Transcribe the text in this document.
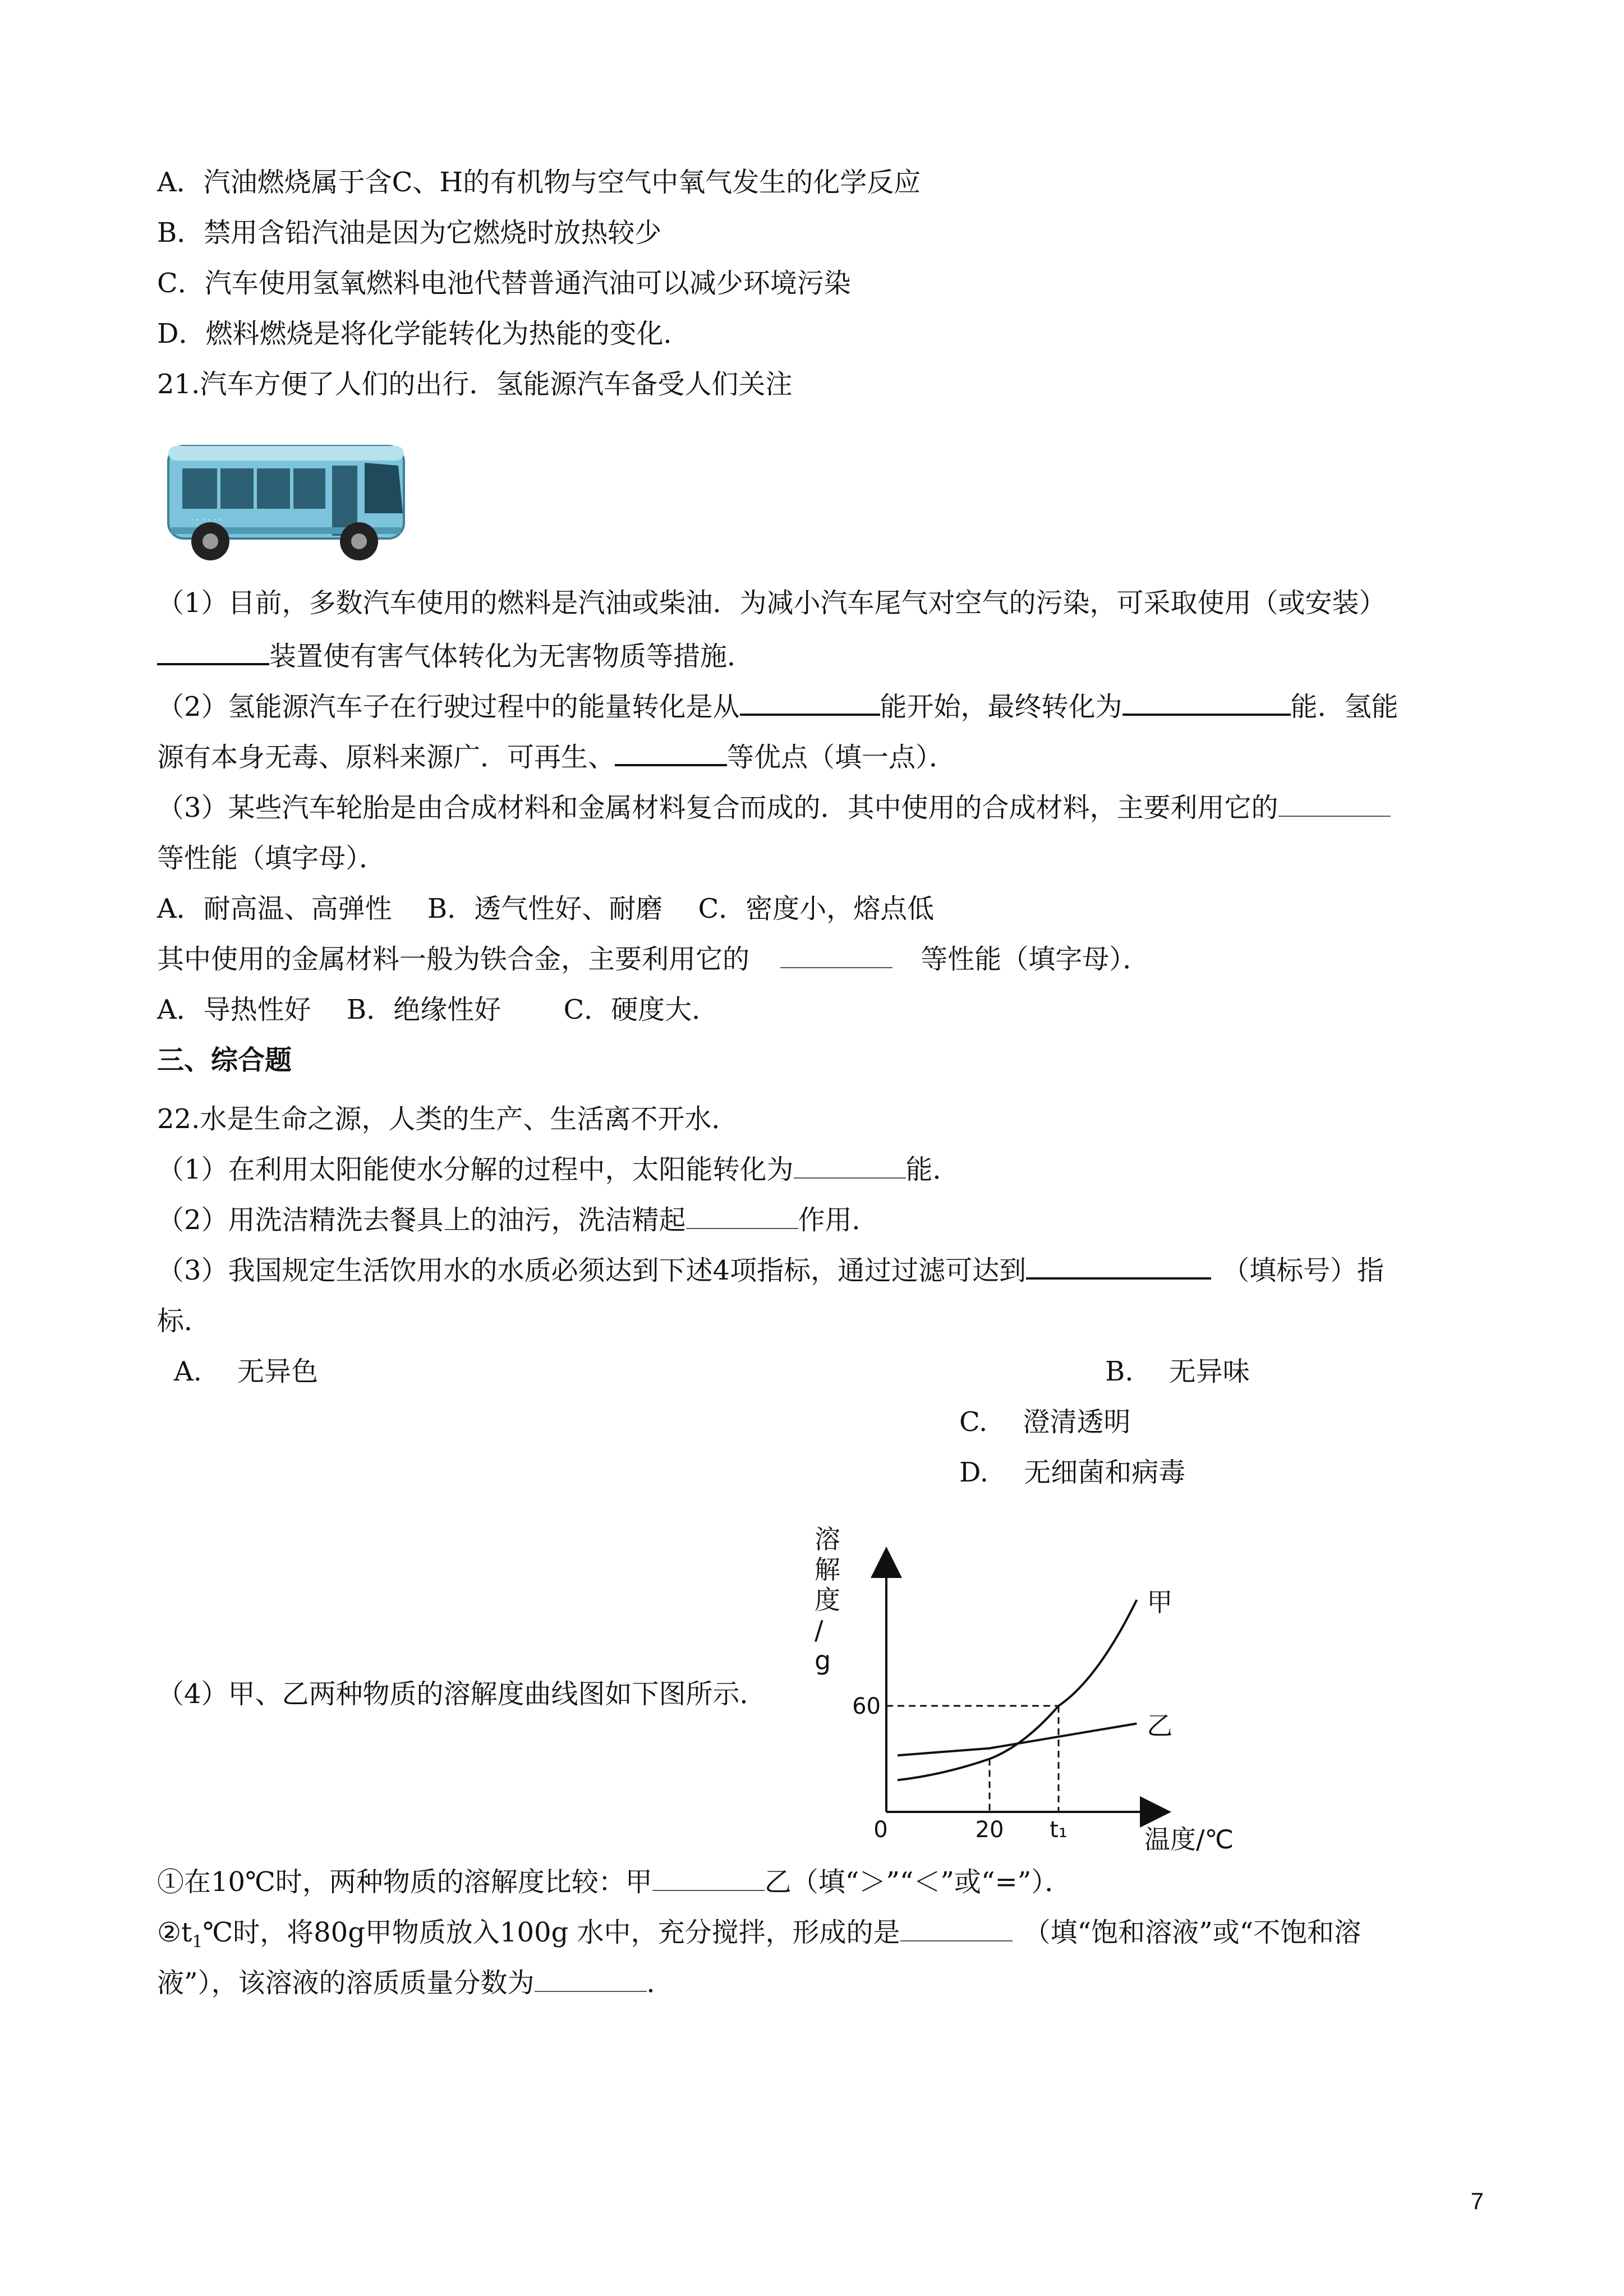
A．汽油燃烧属于含C、H的有机物与空气中氧气发生的化学反应
B．禁用含铅汽油是因为它燃烧时放热较少
C．汽车使用氢氧燃料电池代替普通汽油可以减少环境污染
D．燃料燃烧是将化学能转化为热能的变化．
21.汽车方便了人们的出行．氢能源汽车备受人们关注
· · · · · ·
（1）目前，多数汽车使用的燃料是汽油或柴油．为减小汽车尾气对空气的污染，可采取使用（或安装）
装置使有害气体转化为无害物质等措施．
（2）氢能源汽车子在行驶过程中的能量转化是从	能开始，最终转化为	能．氢能
源有本身无毒、原料来源广．可再生、	等优点（填一点）．
（3）某些汽车轮胎是由合成材料和金属材料复合而成的．其中使用的合成材料，主要利用它的
等性能（填字母）．
A．耐高温、高弹性　 B．透气性好、耐磨　 C．密度小，熔点低
其中使用的金属材料一般为铁合金，主要利用它的	等性能（填字母）．
A．导热性好　 B．绝缘性好　　 C．硬度大．
三、综合题
22.水是生命之源，人类的生产、生活离不开水．
（1）在利用太阳能使水分解的过程中，太阳能转化为	能．
（2）用洗洁精洗去餐具上的油污，洗洁精起	作用．
（3）我国规定生活饮用水的水质必须达到下述4项指标，通过过滤可达到	（填标号）指
标．
A.　 无异色	B.　 无异味
C.　 澄清透明
D.　 无细菌和病毒
（4）甲、乙两种物质的溶解度曲线图如下图所示．
溶解度/ g
温度/℃
0	20 t₁
60
甲
乙
①在10℃时，两种物质的溶解度比较：甲	乙（填“＞”“＜”或“=”）．
$②t_1℃$时，将80g甲物质放入100g 水中，充分搅拌，形成的是	（填“饱和溶液”或“不饱和溶
液”），该溶液的溶质质量分数为	．
7
